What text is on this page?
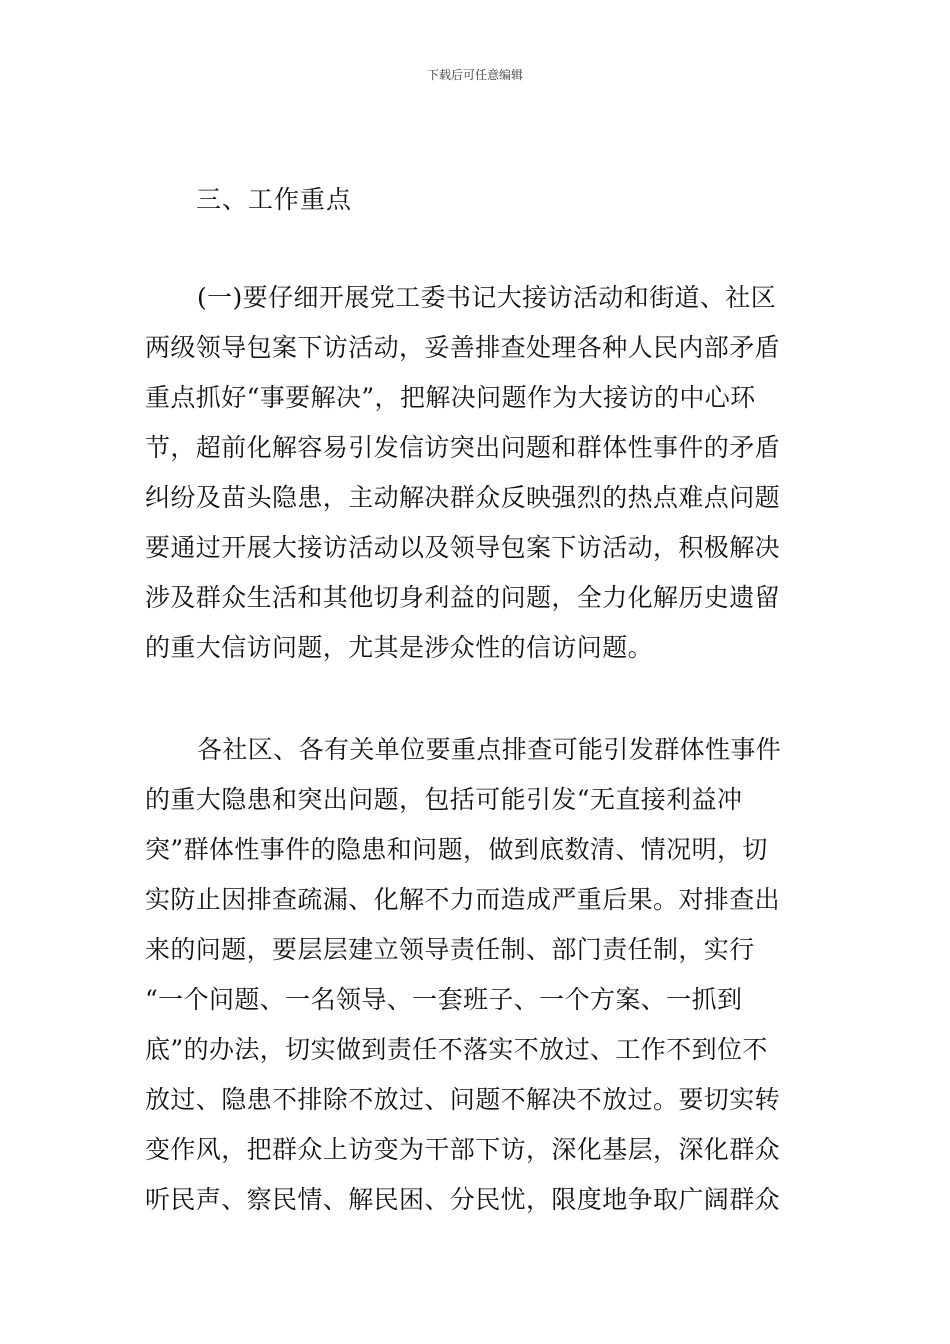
下载后可任意编辑
三、工作重点
(一)要仔细开展党工委书记大接访活动和街道、社区
两级领导包案下访活动，妥善排查处理各种人民内部矛盾
重点抓好“事要解决”，把解决问题作为大接访的中心环
节，超前化解容易引发信访突出问题和群体性事件的矛盾
纠纷及苗头隐患，主动解决群众反映强烈的热点难点问题
要通过开展大接访活动以及领导包案下访活动，积极解决
涉及群众生活和其他切身利益的问题，全力化解历史遗留
的重大信访问题，尤其是涉众性的信访问题。
各社区、各有关单位要重点排查可能引发群体性事件
的重大隐患和突出问题，包括可能引发“无直接利益冲
突”群体性事件的隐患和问题，做到底数清、情况明，切
实防止因排查疏漏、化解不力而造成严重后果。对排查出
来的问题，要层层建立领导责任制、部门责任制，实行
“一个问题、一名领导、一套班子、一个方案、一抓到
底”的办法，切实做到责任不落实不放过、工作不到位不
放过、隐患不排除不放过、问题不解决不放过。要切实转
变作风，把群众上访变为干部下访，深化基层，深化群众
听民声、察民情、解民困、分民忧，限度地争取广阔群众
